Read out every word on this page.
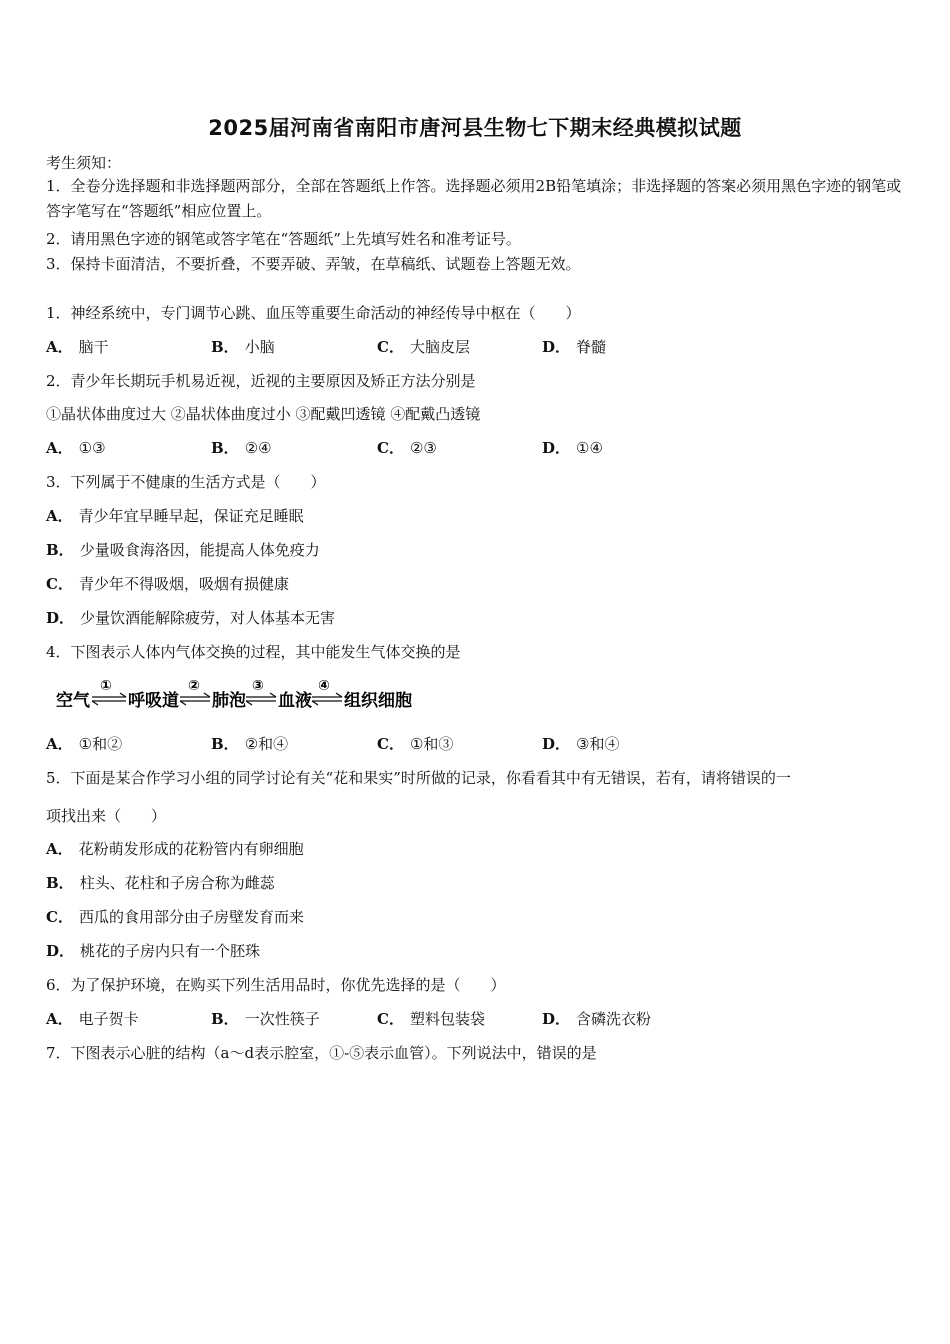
2025届河南省南阳市唐河县生物七下期末经典模拟试题
考生须知：
1．全卷分选择题和非选择题两部分，全部在答题纸上作答。选择题必须用2B铅笔填涂；非选择题的答案必须用黑色字迹的钢笔或答字笔写在“答题纸”相应位置上。
2．请用黑色字迹的钢笔或答字笔在“答题纸”上先填写姓名和准考证号。
3．保持卡面清洁，不要折叠，不要弄破、弄皱，在草稿纸、试题卷上答题无效。
1．神经系统中，专门调节心跳、血压等重要生命活动的神经传导中枢在（　　）
A． 脑干	B． 小脑	C． 大脑皮层	D． 脊髓
2．青少年长期玩手机易近视，近视的主要原因及矫正方法分别是
①晶状体曲度过大 ②晶状体曲度过小 ③配戴凹透镜 ④配戴凸透镜
A． ①③	B． ②④	C． ②③	D． ①④
3．下列属于不健康的生活方式是（　　）
A． 青少年宜早睡早起，保证充足睡眠
B． 少量吸食海洛因，能提高人体免疫力
C． 青少年不得吸烟，吸烟有损健康
D． 少量饮酒能解除疲劳，对人体基本无害
4．下图表示人体内气体交换的过程，其中能发生气体交换的是
空气
①
呼吸道
②
肺泡
③
血液
④
组织细胞
A． ①和②	B． ②和④	C． ①和③	D． ③和④
5．下面是某合作学习小组的同学讨论有关“花和果实”时所做的记录，你看看其中有无错误，若有，请将错误的一
项找出来（　　）
A． 花粉萌发形成的花粉管内有卵细胞
B． 柱头、花柱和子房合称为雌蕊
C． 西瓜的食用部分由子房壁发育而来
D． 桃花的子房内只有一个胚珠
6．为了保护环境，在购买下列生活用品时，你优先选择的是（　　）
A． 电子贺卡	B． 一次性筷子	C． 塑料包装袋	D． 含磷洗衣粉
7．下图表示心脏的结构（a～d表示腔室，①-⑤表示血管）。下列说法中，错误的是
